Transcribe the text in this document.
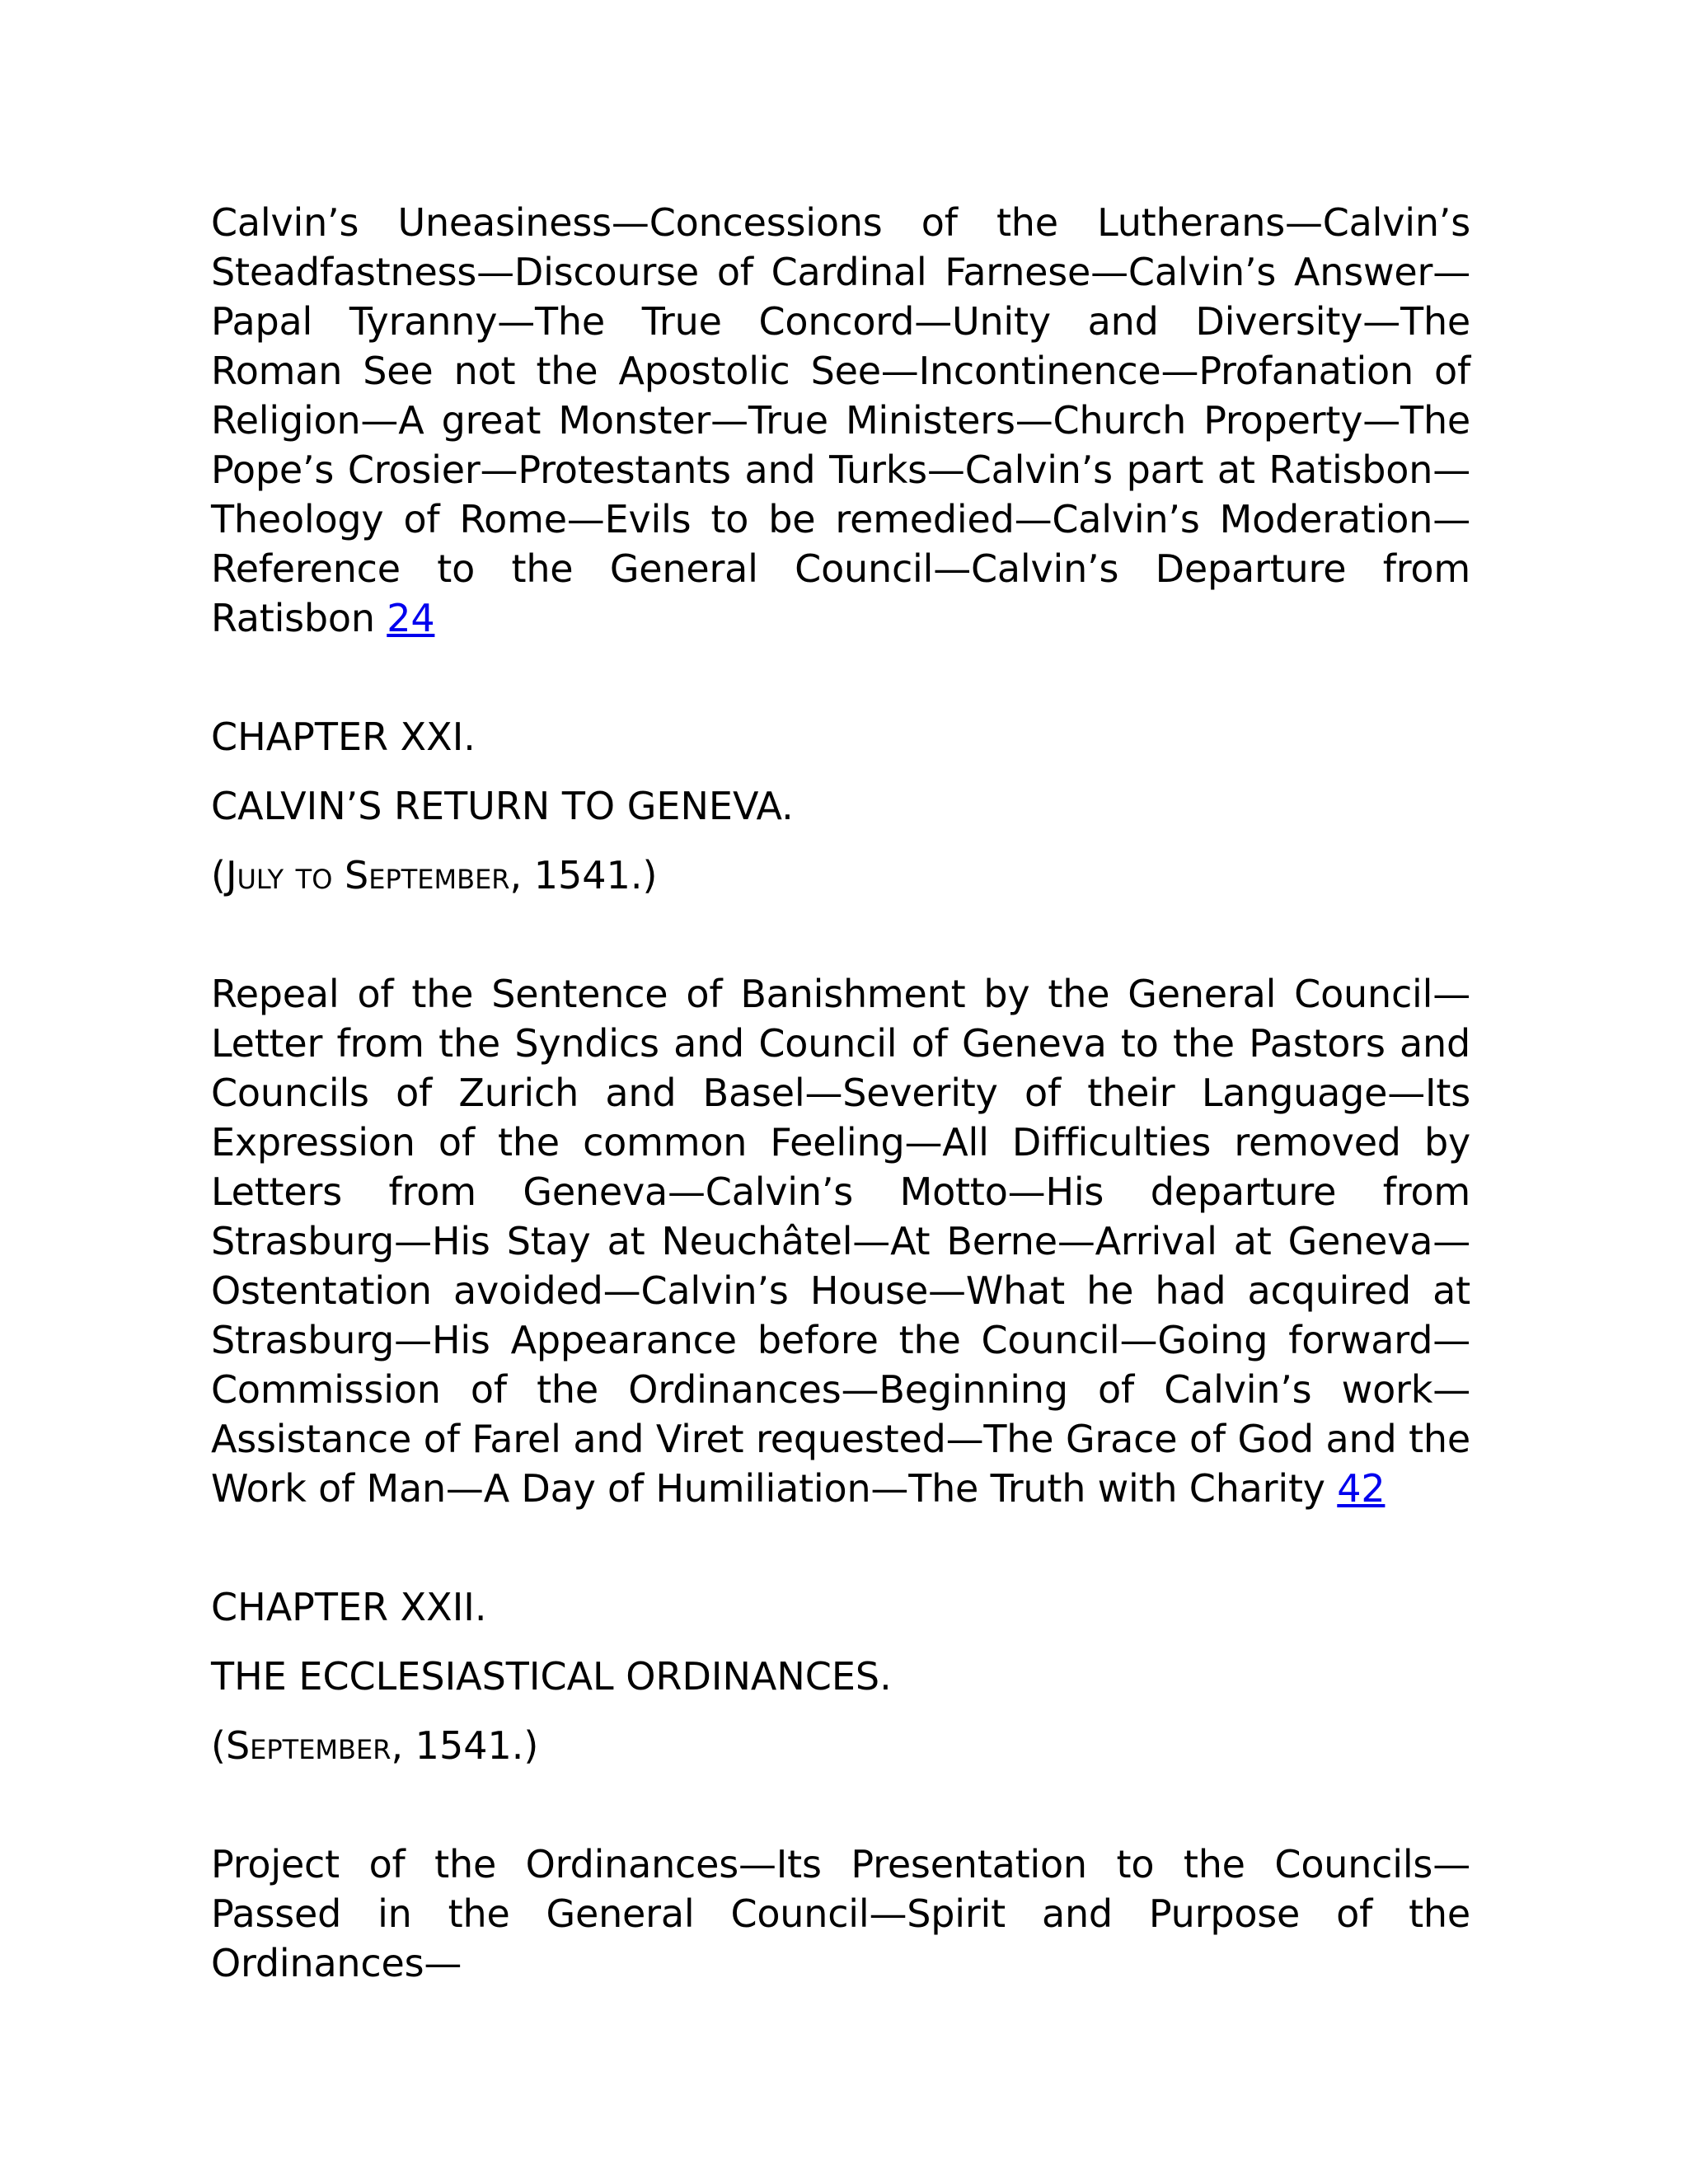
Calvin’s Uneasiness—Concessions of the Lutherans—Calvin’s Steadfastness—Discourse of Cardinal Farnese—Calvin’s Answer—Papal Tyranny—The True Concord—Unity and Diversity—The Roman See not the Apostolic See—Incontinence—Profanation of Religion—A great Monster—True Ministers—Church Property—The Pope’s Crosier—Protestants and Turks—Calvin’s part at Ratisbon—Theology of Rome—Evils to be remedied—Calvin’s Moderation—Reference to the General Council—Calvin’s Departure from Ratisbon 24

CHAPTER XXI.

CALVIN’S RETURN TO GENEVA.

(July to September, 1541.)

Repeal of the Sentence of Banishment by the General Council—Letter from the Syndics and Council of Geneva to the Pastors and Councils of Zurich and Basel—Severity of their Language—Its Expression of the common Feeling—All Difficulties removed by Letters from Geneva—Calvin’s Motto—His departure from Strasburg—His Stay at Neuchâtel—At Berne—Arrival at Geneva—Ostentation avoided—Calvin’s House—What he had acquired at Strasburg—His Appearance before the Council—Going forward—Commission of the Ordinances—Beginning of Calvin’s work—Assistance of Farel and Viret requested—The Grace of God and the Work of Man—A Day of Humiliation—The Truth with Charity 42

CHAPTER XXII.

THE ECCLESIASTICAL ORDINANCES.

(September, 1541.)

Project of the Ordinances—Its Presentation to the Councils—Passed in the General Council—Spirit and Purpose of the Ordinances—
